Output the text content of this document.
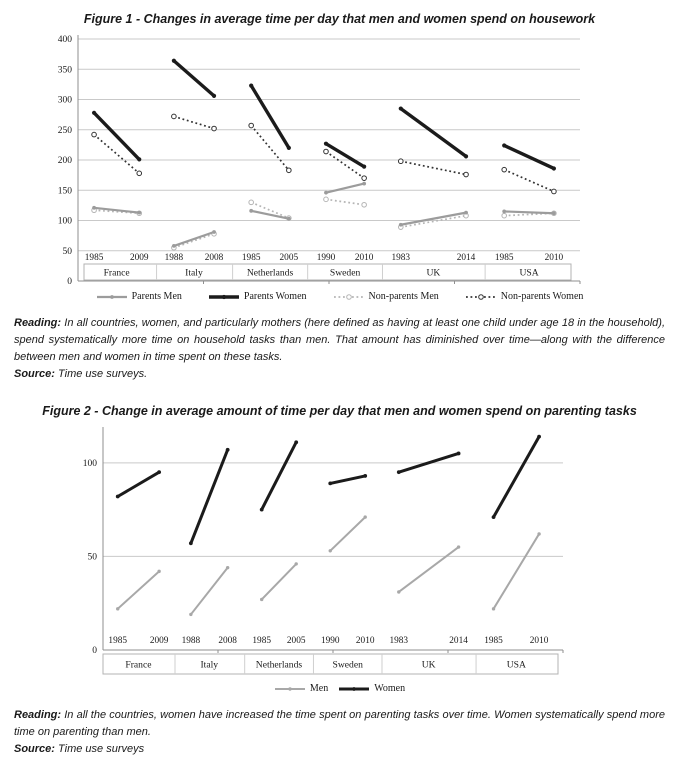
Figure 1 - Changes in average time per day that men and women spend on housework
0
50
100
150
200
250
300
350
400
1985	2009
France
1988 2008
Italy
1985 2005
Netherlands
1990 2010
Sweden
1983	2014
UK
1985	2010
USA
Parents Men	Parents Women	Non-parents Men	Non-parents Women

Reading: In all countries, women, and particularly mothers (here defined as having at least one child under age 18 in the household), spend systematically more time on household tasks than men. That amount has diminished over time—along with the difference between men and women in time spent on these tasks.

Source: Time use surveys.

Figure 2 - Change in average amount of time per day that men and women spend on parenting tasks
0
50
100
1985 2009
France
1988 2008
Italy
1985 2005
Netherlands
1990 2010
Sweden
1983	2014
UK
1985	2010
USA
Men	Women

Reading: In all the countries, women have increased the time spent on parenting tasks over time. Women systematically spend more time on parenting than men.

Source: Time use surveys
